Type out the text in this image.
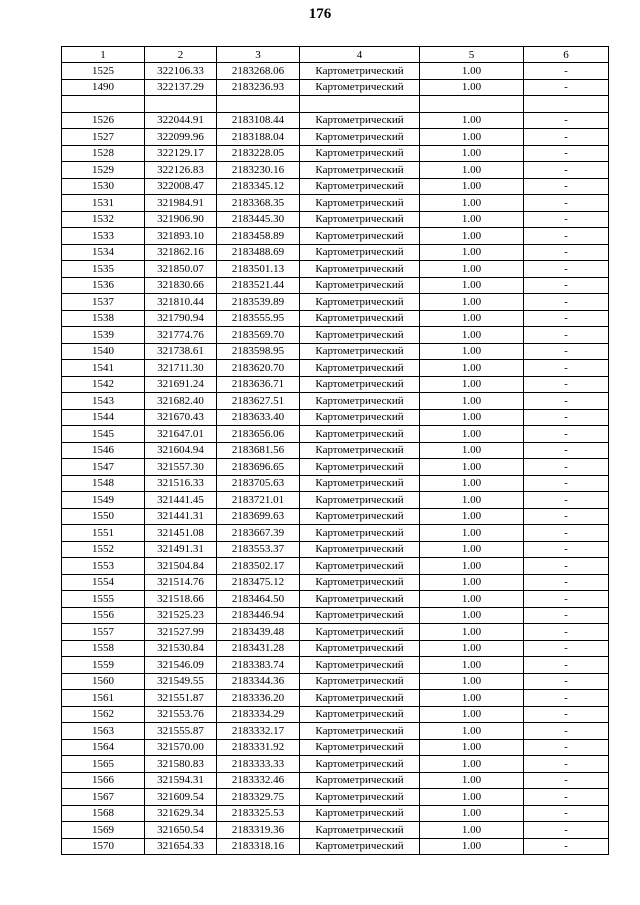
176
1	2	3	4	5	6
1525	322106.33	2183268.06	Картометрический	1.00	-
1490	322137.29	2183236.93	Картометрический	1.00	-

1526	322044.91	2183108.44	Картометрический	1.00	-
1527	322099.96	2183188.04	Картометрический	1.00	-
1528	322129.17	2183228.05	Картометрический	1.00	-
1529	322126.83	2183230.16	Картометрический	1.00	-
1530	322008.47	2183345.12	Картометрический	1.00	-
1531	321984.91	2183368.35	Картометрический	1.00	-
1532	321906.90	2183445.30	Картометрический	1.00	-
1533	321893.10	2183458.89	Картометрический	1.00	-
1534	321862.16	2183488.69	Картометрический	1.00	-
1535	321850.07	2183501.13	Картометрический	1.00	-
1536	321830.66	2183521.44	Картометрический	1.00	-
1537	321810.44	2183539.89	Картометрический	1.00	-
1538	321790.94	2183555.95	Картометрический	1.00	-
1539	321774.76	2183569.70	Картометрический	1.00	-
1540	321738.61	2183598.95	Картометрический	1.00	-
1541	321711.30	2183620.70	Картометрический	1.00	-
1542	321691.24	2183636.71	Картометрический	1.00	-
1543	321682.40	2183627.51	Картометрический	1.00	-
1544	321670.43	2183633.40	Картометрический	1.00	-
1545	321647.01	2183656.06	Картометрический	1.00	-
1546	321604.94	2183681.56	Картометрический	1.00	-
1547	321557.30	2183696.65	Картометрический	1.00	-
1548	321516.33	2183705.63	Картометрический	1.00	-
1549	321441.45	2183721.01	Картометрический	1.00	-
1550	321441.31	2183699.63	Картометрический	1.00	-
1551	321451.08	2183667.39	Картометрический	1.00	-
1552	321491.31	2183553.37	Картометрический	1.00	-
1553	321504.84	2183502.17	Картометрический	1.00	-
1554	321514.76	2183475.12	Картометрический	1.00	-
1555	321518.66	2183464.50	Картометрический	1.00	-
1556	321525.23	2183446.94	Картометрический	1.00	-
1557	321527.99	2183439.48	Картометрический	1.00	-
1558	321530.84	2183431.28	Картометрический	1.00	-
1559	321546.09	2183383.74	Картометрический	1.00	-
1560	321549.55	2183344.36	Картометрический	1.00	-
1561	321551.87	2183336.20	Картометрический	1.00	-
1562	321553.76	2183334.29	Картометрический	1.00	-
1563	321555.87	2183332.17	Картометрический	1.00	-
1564	321570.00	2183331.92	Картометрический	1.00	-
1565	321580.83	2183333.33	Картометрический	1.00	-
1566	321594.31	2183332.46	Картометрический	1.00	-
1567	321609.54	2183329.75	Картометрический	1.00	-
1568	321629.34	2183325.53	Картометрический	1.00	-
1569	321650.54	2183319.36	Картометрический	1.00	-
1570	321654.33	2183318.16	Картометрический	1.00	-
